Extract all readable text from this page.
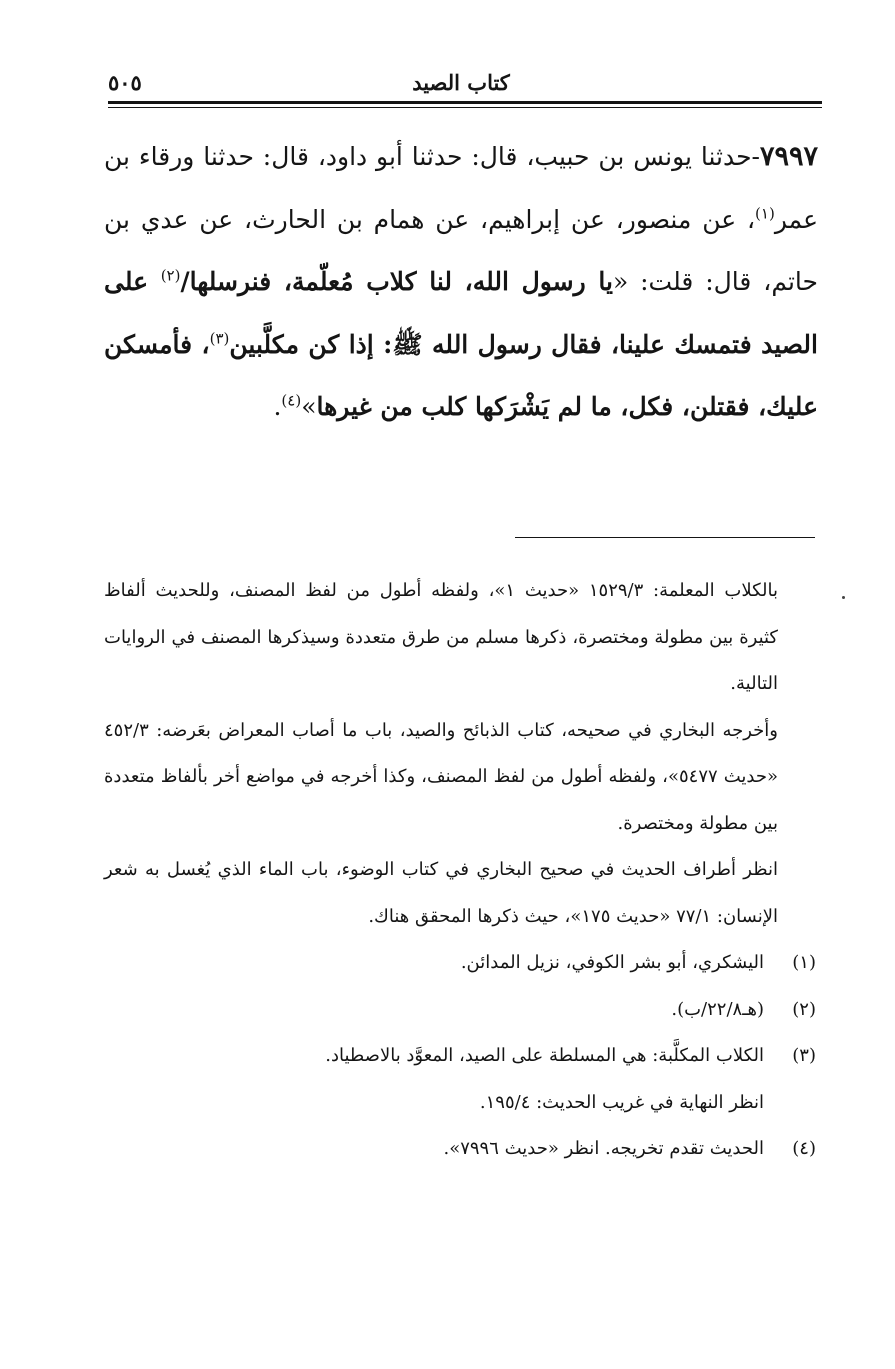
كتاب الصيد
٥٠٥
٧٩٩٧-حدثنا يونس بن حبيب، قال: حدثنا أبو داود، قال: حدثنا ورقاء بن عمر$^{(١)}$، عن منصور، عن إبراهيم، عن همام بن الحارث، عن عدي بن حاتم، قال: قلت: «يا رسول الله، لنا كلاب مُعلّمة، فنرسلها/$^{(٢)}$ على الصيد فتمسك علينا، فقال رسول الله ﷺ: إذا كن مكلَّبين$^{(٣)}$، فأمسكن عليك، فقتلن، فكل، ما لم يَشْرَكها كلب من غيرها»$^{(٤)}$.

بالكلاب المعلمة: ١٥٢٩/٣ «حديث ١»، ولفظه أطول من لفظ المصنف، وللحديث ألفاظ كثيرة بين مطولة ومختصرة، ذكرها مسلم من طرق متعددة وسيذكرها المصنف في الروايات التالية.

وأخرجه البخاري في صحيحه، كتاب الذبائح والصيد، باب ما أصاب المعراض بعَرضه: ٤٥٢/٣ «حديث ٥٤٧٧»، ولفظه أطول من لفظ المصنف، وكذا أخرجه في مواضع أخر بألفاظ متعددة بين مطولة ومختصرة.

انظر أطراف الحديث في صحيح البخاري في كتاب الوضوء، باب الماء الذي يُغسل به شعر الإنسان: ٧٧/١ «حديث ١٧٥»، حيث ذكرها المحقق هناك.

(١)
اليشكري، أبو بشر الكوفي، نزيل المدائن.

(٢)
(هـ٢٢/٨/ب).

(٣)
الكلاب المكلَّبة: هي المسلطة على الصيد، المعوَّد بالاصطياد.

انظر النهاية في غريب الحديث: ١٩٥/٤.

(٤)
الحديث تقدم تخريجه. انظر «حديث ٧٩٩٦».
